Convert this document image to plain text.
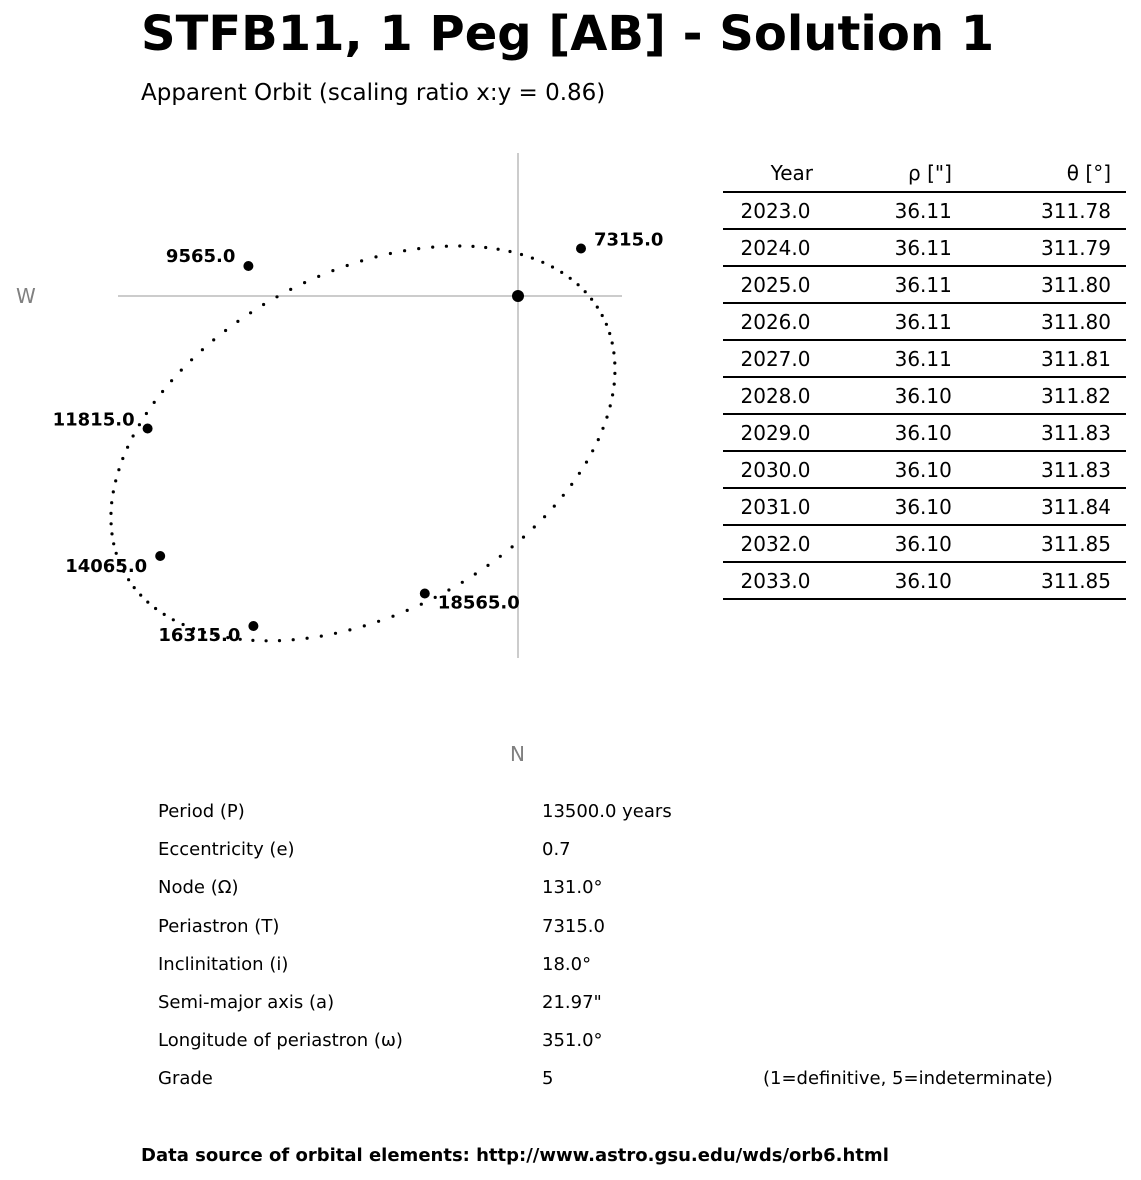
STFB11, 1 Peg [AB] - Solution 1
Apparent Orbit (scaling ratio x:y = 0.86)
7315.0
9565.0
11815.0
14065.0
16315.0
18565.0
W
N
Year	ρ ["]	θ [°]
2023.0	36.11	311.78
2024.0	36.11	311.79
2025.0	36.11	311.80
2026.0	36.11	311.80
2027.0	36.11	311.81
2028.0	36.10	311.82
2029.0	36.10	311.83
2030.0	36.10	311.83
2031.0	36.10	311.84
2032.0	36.10	311.85
2033.0	36.10	311.85
Period (P)	13500.0 years
Eccentricity (e)	0.7
Node (Ω)	131.0°
Periastron (T)	7315.0
Inclinitation (i)	18.0°
Semi-major axis (a)	21.97"
Longitude of periastron (ω)	351.0°
Grade	5	(1=definitive, 5=indeterminate)
Data source of orbital elements: http://www.astro.gsu.edu/wds/orb6.html
